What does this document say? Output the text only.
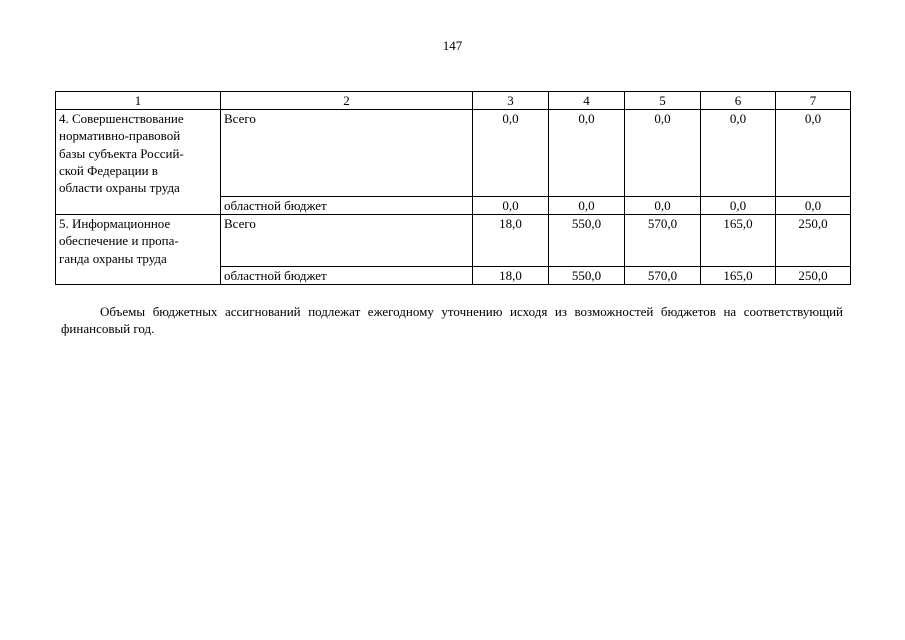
147
1	2	3	4	5	6	7
4. Совершенствование
нормативно-правовой
базы субъекта Россий-
ской Федерации в
области охраны труда	Всего	0,0	0,0	0,0	0,0	0,0
	областной бюджет	0,0	0,0	0,0	0,0	0,0
5. Информационное
обеспечение и пропа-
ганда охраны труда	Всего	18,0	550,0	570,0	165,0	250,0
	областной бюджет	18,0	550,0	570,0	165,0	250,0

Объемы бюджетных ассигнований подлежат ежегодному уточнению исходя из возможностей бюджетов на соответствующий финансовый год.
